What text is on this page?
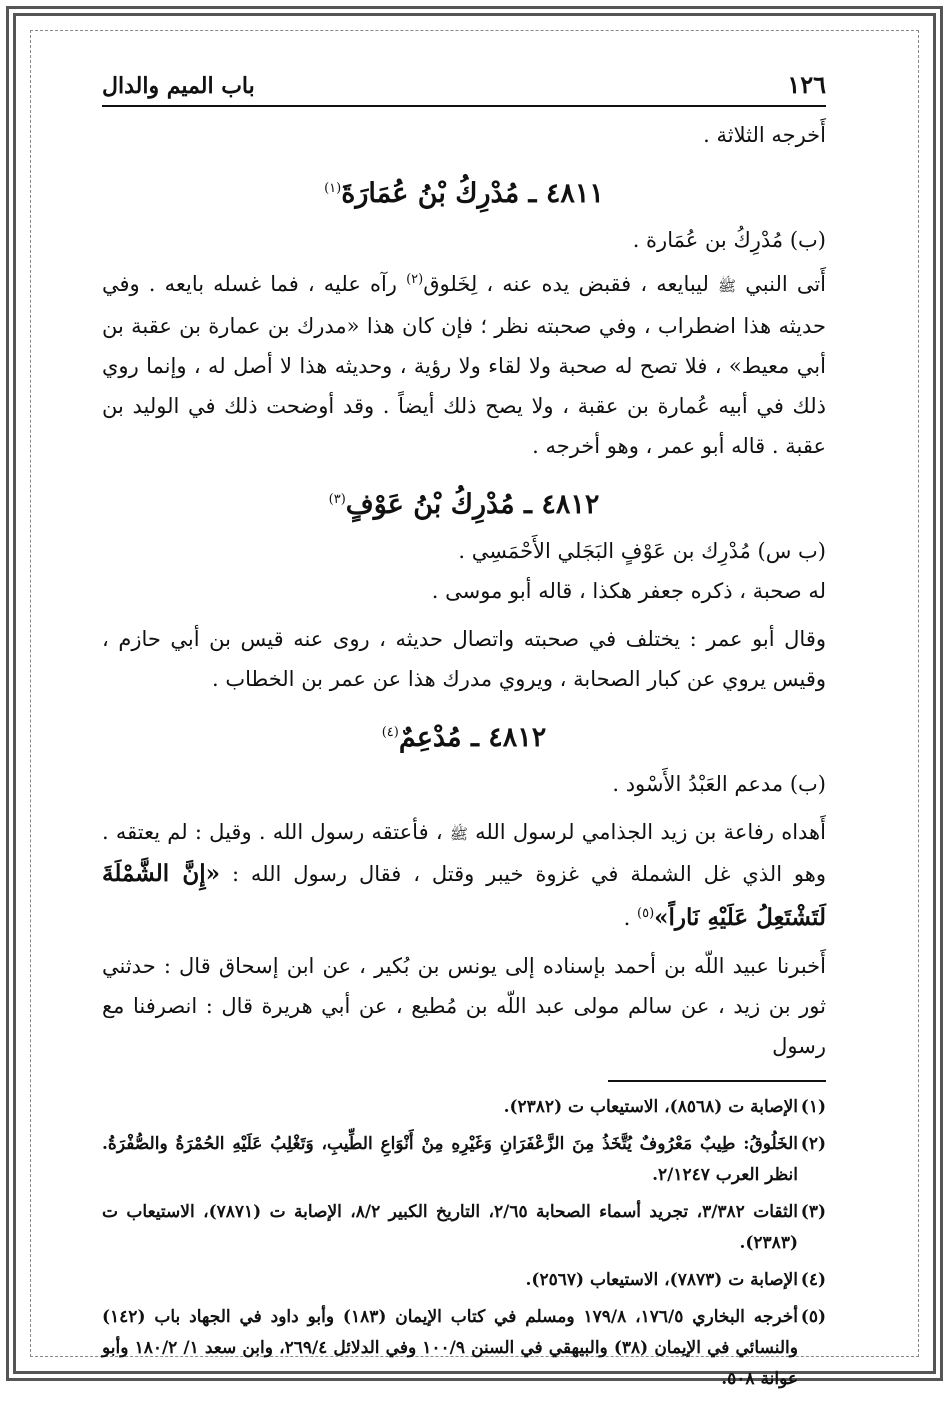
١٢٦
باب الميم والدال

أَخرجه الثلاثة .

٤٨١١ ـ مُدْرِكُ بْنُ عُمَارَةَ$^{(١)}$

(ب) مُدْرِكُ بن عُمَارة .

أَتى النبي ﷺ ليبايعه ، فقبض يده عنه ، لِخَلوق$^{(٢)}$ رآه عليه ، فما غسله بايعه . وفي حديثه هذا اضطراب ، وفي صحبته نظر ؛ فإن كان هذا «مدرك بن عمارة بن عقبة بن أبي معيط» ، فلا تصح له صحبة ولا لقاء ولا رؤية ، وحديثه هذا لا أصل له ، وإنما روي ذلك في أبيه عُمارة بن عقبة ، ولا يصح ذلك أيضاً . وقد أوضحت ذلك في الوليد بن عقبة . قاله أبو عمر ، وهو أخرجه .

٤٨١٢ ـ مُدْرِكُ بْنُ عَوْفٍ$^{(٣)}$

(ب س) مُدْرِك بن عَوْفٍ البَجَلي الأَحْمَسِي .

له صحبة ، ذكره جعفر هكذا ، قاله أبو موسى .

وقال أبو عمر : يختلف في صحبته واتصال حديثه ، روى عنه قيس بن أبي حازم ، وقيس يروي عن كبار الصحابة ، ويروي مدرك هذا عن عمر بن الخطاب .

٤٨١٢ ـ مُدْعِمٌ$^{(٤)}$

(ب) مدعم العَبْدُ الأَسْود .

أَهداه رفاعة بن زيد الجذامي لرسول الله ﷺ ، فأعتقه رسول الله . وقيل : لم يعتقه . وهو الذي غل الشملة في غزوة خيبر وقتل ، فقال رسول الله : «إِنَّ الشَّمْلَةَ لَتَشْتَعِلُ عَلَيْهِ نَاراً»$^{(٥)}$ .

أَخبرنا عبيد اللّه بن أحمد بإسناده إلى يونس بن بُكير ، عن ابن إسحاق قال : حدثني ثور بن زيد ، عن سالم مولى عبد اللّه بن مُطيع ، عن أبي هريرة قال : انصرفنا مع رسول

(١)
الإصابة ت (٨٥٦٨)، الاستيعاب ت (٢٣٨٢).

(٢)
الخَلُوقُ: طِيبٌ مَعْرُوفٌ يُتَّخَذُ مِنَ الزَّعْفَرَانِ وَغَيْرِهِ مِنْ أَنْوَاعِ الطِّيبِ، وَتَغْلِبُ عَلَيْهِ الحُمْرَةُ والصُّفْرَةُ. انظر العرب ٢/١٢٤٧.

(٣)
الثقات ٣/٣٨٢، تجريد أسماء الصحابة ٢/٦٥، التاريخ الكبير ٨/٢، الإصابة ت (٧٨٧١)، الاستيعاب ت (٢٣٨٣).

(٤)
الإصابة ت (٧٨٧٣)، الاستيعاب (٢٥٦٧).

(٥)
أخرجه البخاري ١٧٦/٥، ١٧٩/٨ ومسلم في كتاب الإيمان (١٨٣) وأبو داود في الجهاد باب (١٤٢) والنسائي في الإيمان (٣٨) والبيهقي في السنن ١٠٠/٩ وفي الدلائل ٢٦٩/٤، وابن سعد ١/ ١٨٠/٢ وأبو عوانة ٥٠٨.
